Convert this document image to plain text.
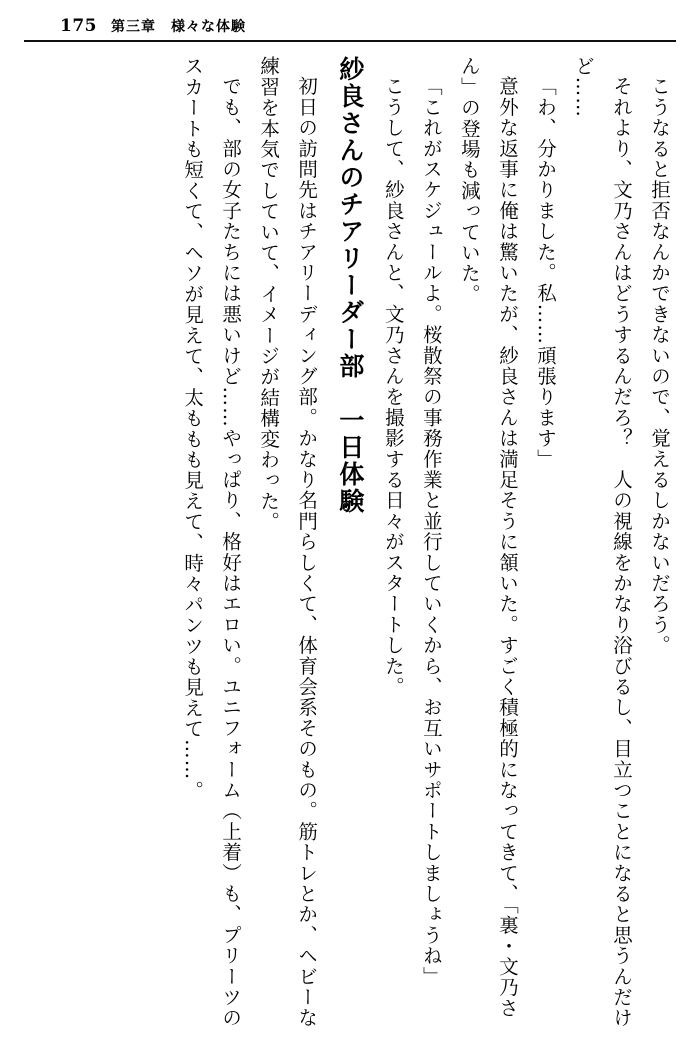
175 第三章　様々な体験

こうなると拒否なんかできないので、覚えるしかないだろう。

それより、文乃さんはどうするんだろ？　人の視線をかなり浴びるし、目立つことになると思うんだけど……

「わ、分かりました。私……頑張ります」

意外な返事に俺は驚いたが、紗良さんは満足そうに頷いた。すごく積極的になってきて、「裏・文乃さん」の登場も減っていた。

「これがスケジュールよ。桜散祭の事務作業と並行していくから、お互いサポートしましょうね」

こうして、紗良さんと、文乃さんを撮影する日々がスタートした。

紗良さんのチアリーダー部　一日体験

初日の訪問先はチアリーディング部。かなり名門らしくて、体育会系そのもの。筋トレとか、ヘビーな練習を本気でしていて、イメージが結構変わった。

でも、部の女子たちには悪いけど……やっぱり、格好はエロい。ユニフォーム（上着）も、プリーツのスカートも短くて、ヘソが見えて、太ももも見えて、時々パンツも見えて……。
